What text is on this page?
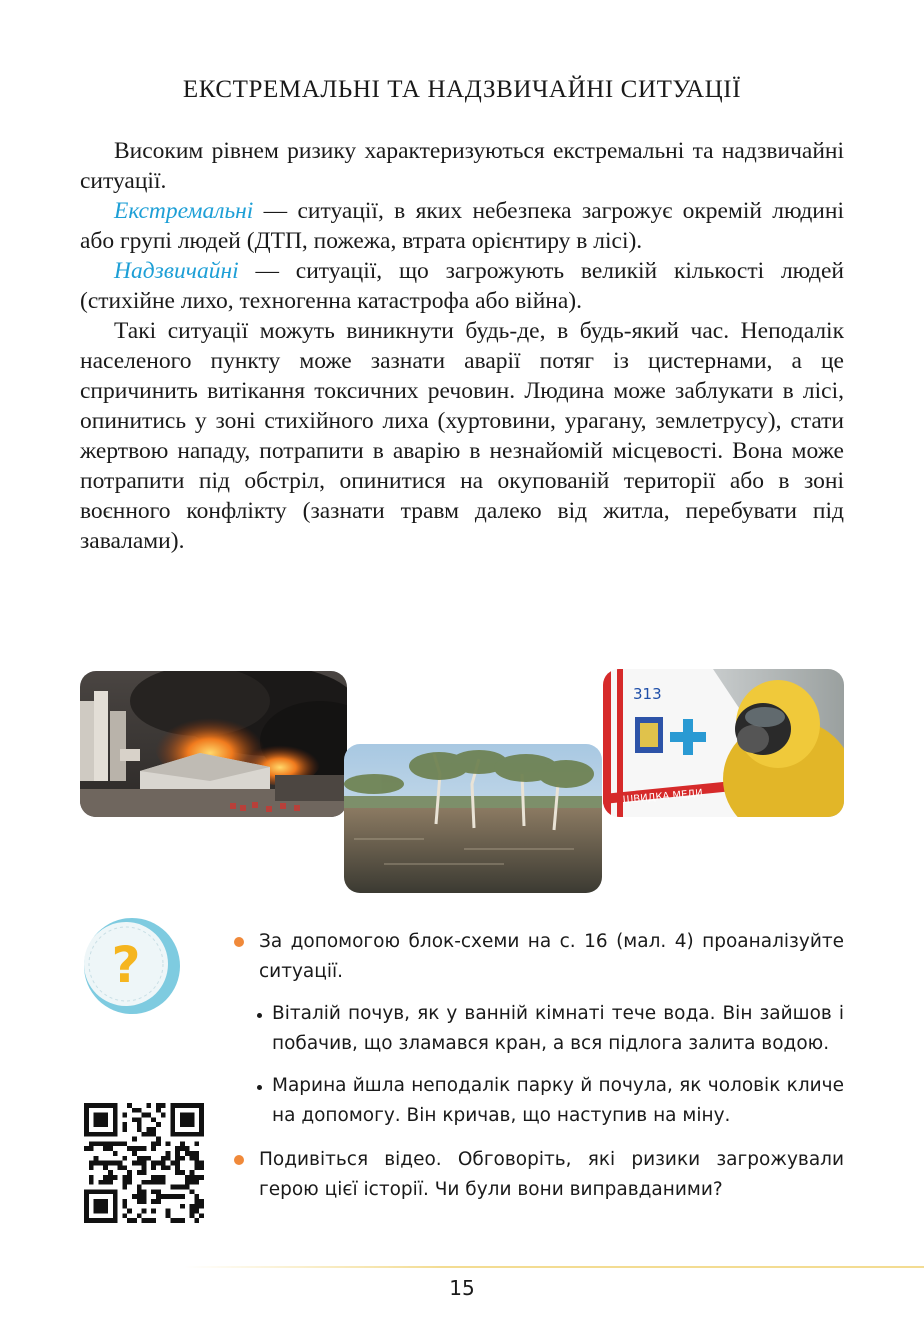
ЕКСТРЕМАЛЬНІ ТА НАДЗВИЧАЙНІ СИТУАЦІЇ

Високим рівнем ризику характеризуються екстремальні та надзвичайні ситуації.

Екстремальні — ситуації, в яких небезпека загрожує окремій людині або групі людей (ДТП, пожежа, втрата орієнтиру в лісі).

Надзвичайні — ситуації, що загрожують великій кількості людей (стихійне лихо, техногенна катастрофа або війна).

Такі ситуації можуть виникнути будь-де, в будь-який час. Неподалік населеного пункту може зазнати аварії потяг із цистернами, а це спричинить витікання токсичних речовин. Людина може заблукати в лісі, опинитись у зоні стихійного лиха (хуртовини, урагану, землетрусу), стати жертвою нападу, потрапити в аварію в незнайомій місцевості. Вона може потрапити під обстріл, опинитися на окупованій території або в зоні воєнного конфлікту (зазнати травм далеко від житла, перебувати під завалами).

313
ШВИДКА МЕДИ
?	За допомогою блок-схеми на с. 16 (мал. 4) проаналізуйте ситуації.
Віталій почув, як у ванній кімнаті тече вода. Він зайшов і побачив, що зламався кран, а вся підлога залита водою.
Марина йшла неподалік парку й почула, як чоловік кличе на допомогу. Він кричав, що наступив на міну.
Подивіться відео. Обговоріть, які ризики загрожували герою цієї історії. Чи були вони виправданими?
15
